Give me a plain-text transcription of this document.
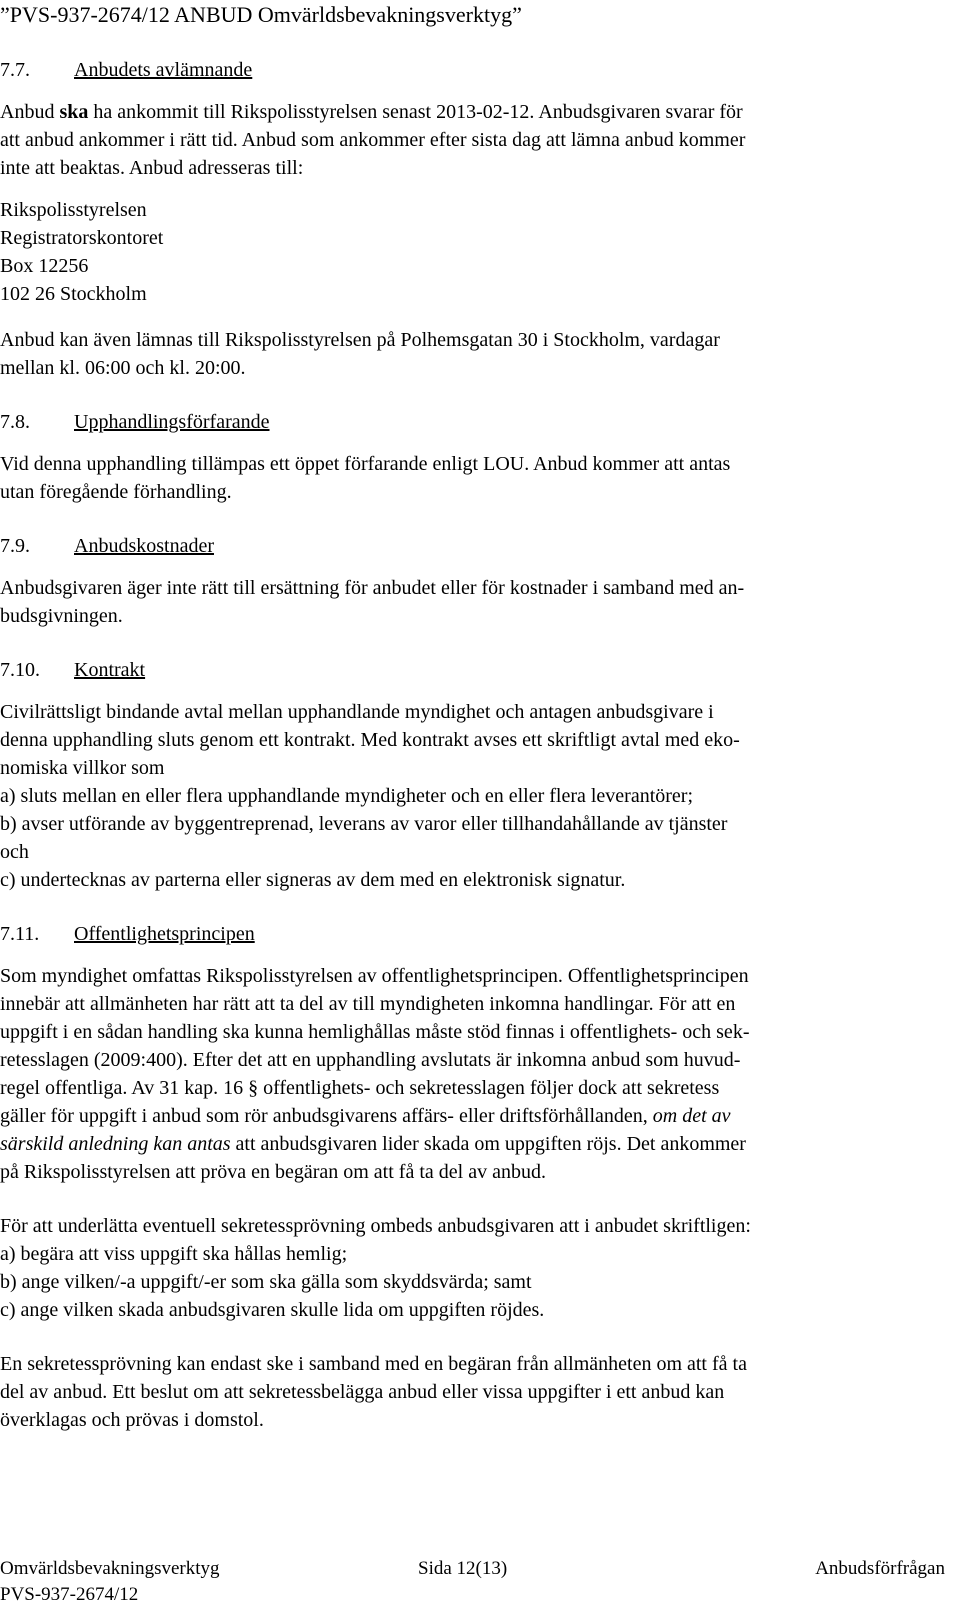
”PVS-937-2674/12 ANBUD Omvärldsbevakningsverktyg”
7.7.	Anbudets avlämnande
Anbud ska ha ankommit till Rikspolisstyrelsen senast 2013-02-12. Anbudsgivaren svarar för
att anbud ankommer i rätt tid. Anbud som ankommer efter sista dag att lämna anbud kommer
inte att beaktas. Anbud adresseras till:
Rikspolisstyrelsen
Registratorskontoret
Box 12256
102 26 Stockholm
Anbud kan även lämnas till Rikspolisstyrelsen på Polhemsgatan 30 i Stockholm, vardagar
mellan kl. 06:00 och kl. 20:00.
7.8.	Upphandlingsförfarande
Vid denna upphandling tillämpas ett öppet förfarande enligt LOU. Anbud kommer att antas
utan föregående förhandling.
7.9.	Anbudskostnader
Anbudsgivaren äger inte rätt till ersättning för anbudet eller för kostnader i samband med an-
budsgivningen.
7.10.	Kontrakt
Civilrättsligt bindande avtal mellan upphandlande myndighet och antagen anbudsgivare i
denna upphandling sluts genom ett kontrakt. Med kontrakt avses ett skriftligt avtal med eko-
nomiska villkor som
a) sluts mellan en eller flera upphandlande myndigheter och en eller flera leverantörer;
b) avser utförande av byggentreprenad, leverans av varor eller tillhandahållande av tjänster
och
c) undertecknas av parterna eller signeras av dem med en elektronisk signatur.
7.11.	Offentlighetsprincipen
Som myndighet omfattas Rikspolisstyrelsen av offentlighetsprincipen. Offentlighetsprincipen
innebär att allmänheten har rätt att ta del av till myndigheten inkomna handlingar. För att en
uppgift i en sådan handling ska kunna hemlighållas måste stöd finnas i offentlighets- och sek-
retesslagen (2009:400). Efter det att en upphandling avslutats är inkomna anbud som huvud-
regel offentliga. Av 31 kap. 16 § offentlighets- och sekretesslagen följer dock att sekretess
gäller för uppgift i anbud som rör anbudsgivarens affärs- eller driftsförhållanden, om det av
särskild anledning kan antas att anbudsgivaren lider skada om uppgiften röjs. Det ankommer
på Rikspolisstyrelsen att pröva en begäran om att få ta del av anbud.
För att underlätta eventuell sekretessprövning ombeds anbudsgivaren att i anbudet skriftligen:
a) begära att viss uppgift ska hållas hemlig;
b) ange vilken/-a uppgift/-er som ska gälla som skyddsvärda; samt
c) ange vilken skada anbudsgivaren skulle lida om uppgiften röjdes.
En sekretessprövning kan endast ske i samband med en begäran från allmänheten om att få ta
del av anbud. Ett beslut om att sekretessbelägga anbud eller vissa uppgifter i ett anbud kan
överklagas och prövas i domstol.
Omvärldsbevakningsverktyg	Sida 12(13)	Anbudsförfrågan
PVS-937-2674/12
